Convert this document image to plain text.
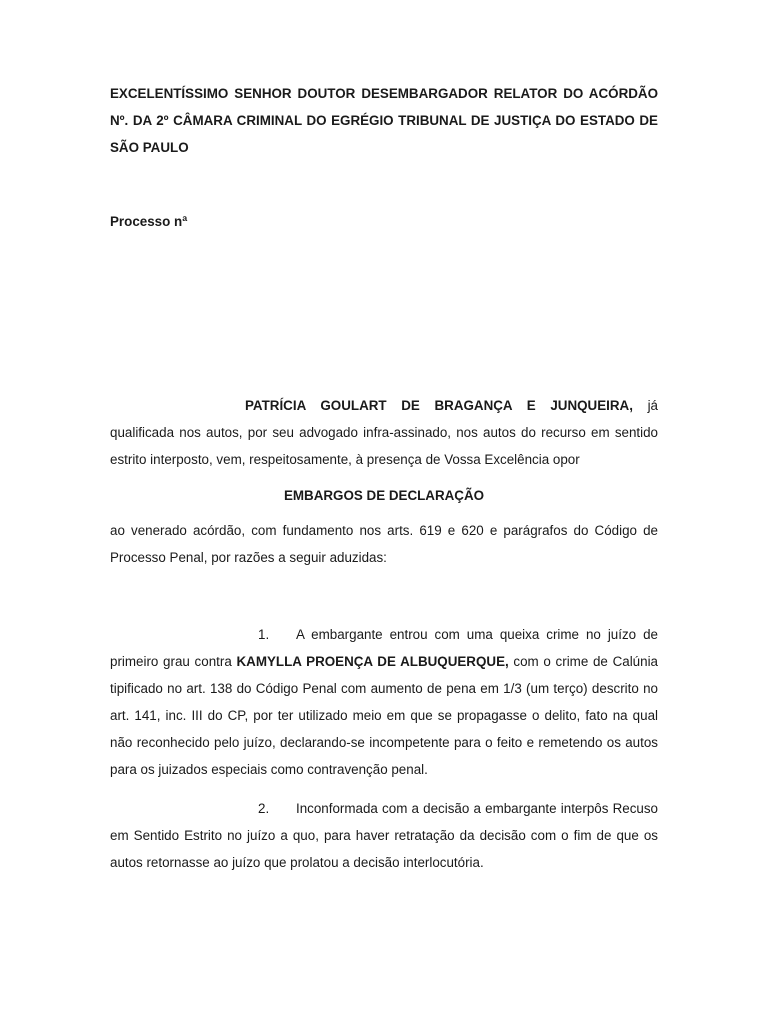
EXCELENTÍSSIMO SENHOR DOUTOR DESEMBARGADOR RELATOR DO ACÓRDÃO Nº. DA 2º CÂMARA CRIMINAL DO EGRÉGIO TRIBUNAL DE JUSTIÇA DO ESTADO DE SÃO PAULO

Processo nª

PATRÍCIA GOULART DE BRAGANÇA E JUNQUEIRA, já qualificada nos autos, por seu advogado infra-assinado, nos autos do recurso em sentido estrito interposto, vem, respeitosamente, à presença de Vossa Excelência opor

EMBARGOS DE DECLARAÇÃO

ao venerado acórdão, com fundamento nos arts. 619 e 620 e parágrafos do Código de Processo Penal, por razões a seguir aduzidas:

1. A embargante entrou com uma queixa crime no juízo de primeiro grau contra KAMYLLA PROENÇA DE ALBUQUERQUE, com o crime de Calúnia tipificado no art. 138 do Código Penal com aumento de pena em 1/3 (um terço) descrito no art. 141, inc. III do CP, por ter utilizado meio em que se propagasse o delito, fato na qual não reconhecido pelo juízo, declarando-se incompetente para o feito e remetendo os autos para os juizados especiais como contravenção penal.

2. Inconformada com a decisão a embargante interpôs Recuso em Sentido Estrito no juízo a quo, para haver retratação da decisão com o fim de que os autos retornasse ao juízo que prolatou a decisão interlocutória.
